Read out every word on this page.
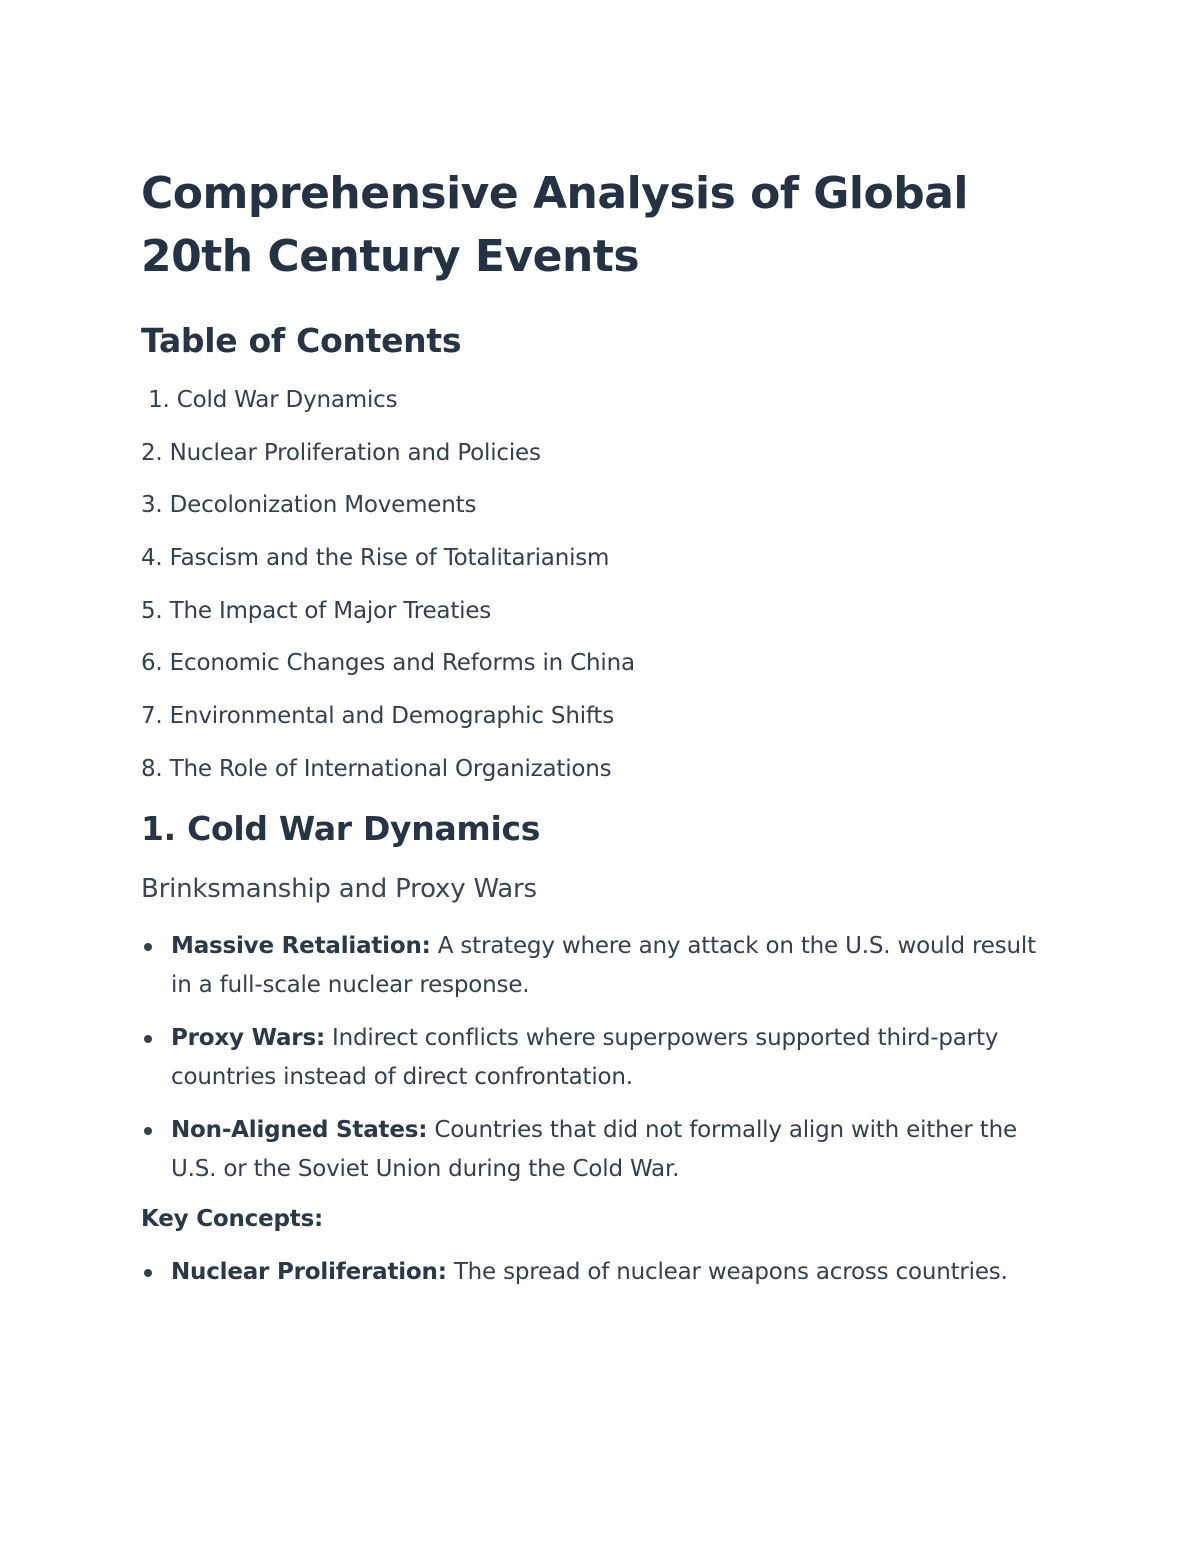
Comprehensive Analysis of Global 20th Century Events
Table of Contents
1. Cold War Dynamics
2. Nuclear Proliferation and Policies
3. Decolonization Movements
4. Fascism and the Rise of Totalitarianism
5. The Impact of Major Treaties
6. Economic Changes and Reforms in China
7. Environmental and Demographic Shifts
8. The Role of International Organizations
1. Cold War Dynamics
Brinksmanship and Proxy Wars
Massive Retaliation: A strategy where any attack on the U.S. would result in a full-scale nuclear response.
Proxy Wars: Indirect conflicts where superpowers supported third-party countries instead of direct confrontation.
Non-Aligned States: Countries that did not formally align with either the U.S. or the Soviet Union during the Cold War.

Key Concepts:

Nuclear Proliferation: The spread of nuclear weapons across countries.
